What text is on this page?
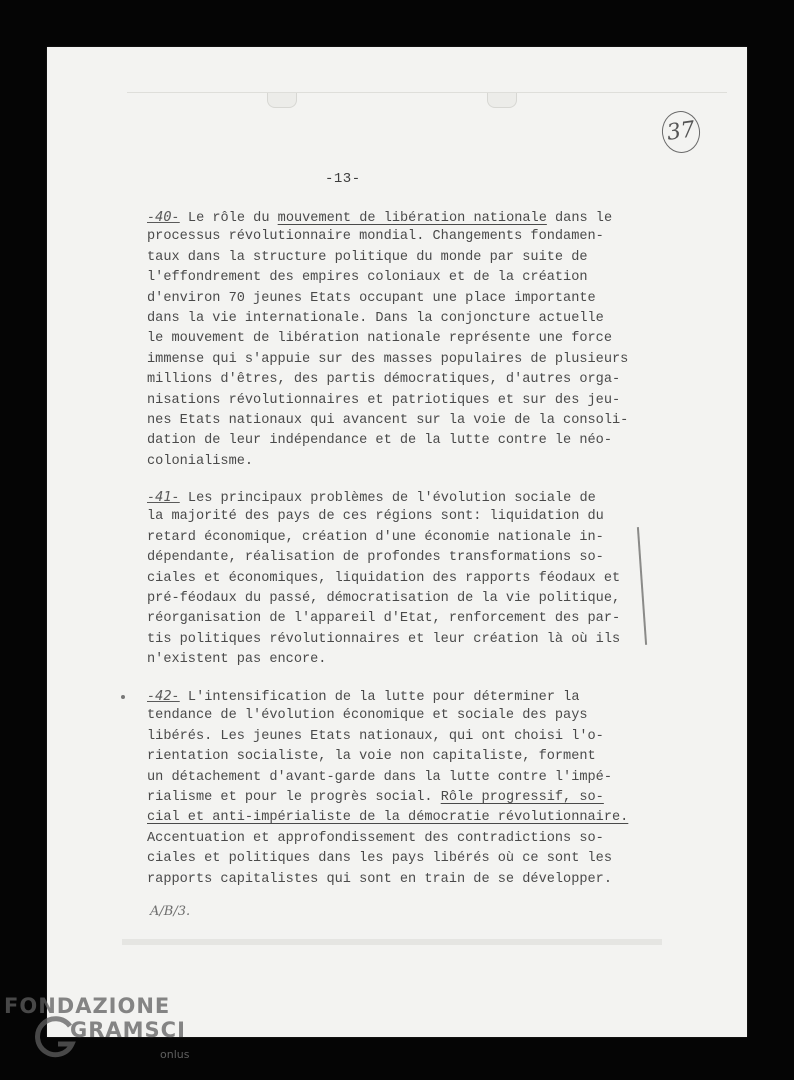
37
-13-
-40- Le rôle du mouvement de libération nationale dans le
processus révolutionnaire mondial. Changements fondamen-
taux dans la structure politique du monde par suite de
l'effondrement des empires coloniaux et de la création
d'environ 70 jeunes Etats occupant une place importante
dans la vie internationale. Dans la conjoncture actuelle
le mouvement de libération nationale représente une force
immense qui s'appuie sur des masses populaires de plusieurs
millions d'êtres, des partis démocratiques, d'autres orga-
nisations révolutionnaires et patriotiques et sur des jeu-
nes Etats nationaux qui avancent sur la voie de la consoli-
dation de leur indépendance et de la lutte contre le néo-
colonialisme.
-41- Les principaux problèmes de l'évolution sociale de
la majorité des pays de ces régions sont: liquidation du
retard économique, création d'une économie nationale in-
dépendante, réalisation de profondes transformations so-
ciales et économiques, liquidation des rapports féodaux et
pré-féodaux du passé, démocratisation de la vie politique,
réorganisation de l'appareil d'Etat, renforcement des par-
tis politiques révolutionnaires et leur création là où ils
n'existent pas encore.
-42- L'intensification de la lutte pour déterminer la
tendance de l'évolution économique et sociale des pays
libérés. Les jeunes Etats nationaux, qui ont choisi l'o-
rientation socialiste, la voie non capitaliste, forment
un détachement d'avant-garde dans la lutte contre l'impé-
rialisme et pour le progrès social. Rôle progressif, so-
cial et anti-impérialiste de la démocratie révolutionnaire.
Accentuation et approfondissement des contradictions so-
ciales et politiques dans les pays libérés où ce sont les
rapports capitalistes qui sont en train de se développer.
A/B/3.
FONDAZIONE
GRAMSCI
onlus
